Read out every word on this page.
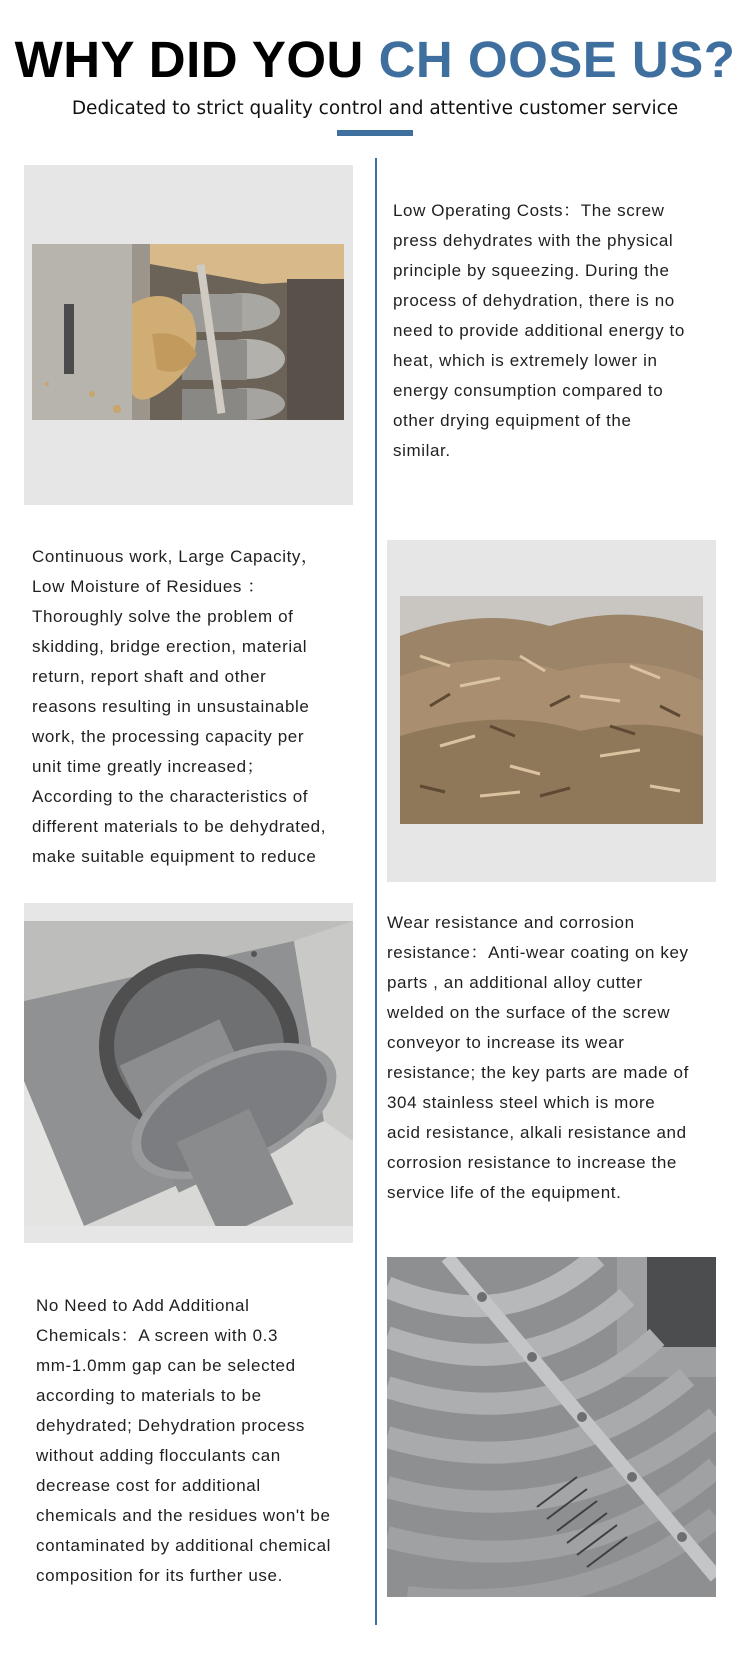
WHY DID YOU CH OOSE US?
Dedicated to strict quality control and attentive customer service
Low Operating Costs：The screw
press dehydrates with the physical
principle by squeezing. During the
process of dehydration, there is no
need to provide additional energy to
heat, which is extremely lower in
energy consumption compared to
other drying equipment of the
similar.
Continuous work, Large Capacity，
Low Moisture of Residues ：
Thoroughly solve the problem of
skidding, bridge erection, material
return, report shaft and other
reasons resulting in unsustainable
work, the processing capacity per
unit time greatly increased；
According to the characteristics of
different materials to be dehydrated,
make suitable equipment to reduce
Wear resistance and corrosion
resistance：Anti-wear coating on key
parts , an additional alloy cutter
welded on the surface of the screw
conveyor to increase its wear
resistance; the key parts are made of
304 stainless steel which is more
acid resistance, alkali resistance and
corrosion resistance to increase the
service life of the equipment.
No Need to Add Additional
Chemicals：A screen with 0.3
mm-1.0mm gap can be selected
according to materials to be
dehydrated; Dehydration process
without adding flocculants can
decrease cost for additional
chemicals and the residues won't be
contaminated by additional chemical
composition for its further use.
